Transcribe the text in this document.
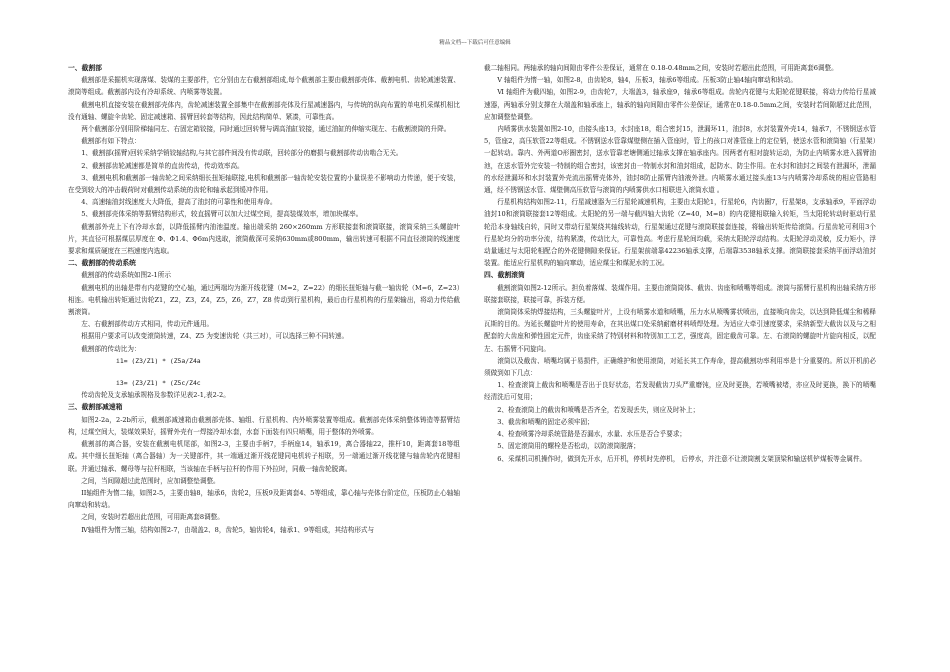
精品文档---下载后可任意编辑
一、截割部

截割部是采掘机实现落煤、装煤的主要部件，它分别由左右截割部组成,每个截割部主要由截割部壳体、截割电机、齿轮减速装置、滚筒等组成。截割部内设有冷却系统、内喷雾等装置。

截割电机直接安装在截割部壳体内，齿轮减速装置全部集中在截割部壳体及行星减速器内，与传统的纵向布置的单电机采煤机相比没有通轴、螺旋伞齿轮、固定减速箱、摇臂回转套等结构，因此结构简单、紧凑，可靠性高。

两个截割部分别用阶梯轴同左、右固定箱铰接，同时通过回转臂与调高油缸铰接，通过油缸的伸缩实现左、右截割滚筒的升降。

截割部有如下特点：

1、截割部(摇臂)回转采纳学销铰轴结构,与其它部件间没有传动联，回转部分的磨损与截割部传动齿啮合无关。

2、截割部齿轮减速都是简单的直齿传动，传动效率高。

3、截割电机和截割部一轴齿轮之间采纳细长扭矩轴联接,电机和截割部一轴齿轮安装位置的小量误差不影响动力传递，便于安装，在受到较大的冲击载荷时对截割传动系统的齿轮和轴承起到缓冲作用。

4、高速轴油封线速度大大降低，提高了油封的可靠性和使用寿命。

5、截割部壳体采纳等据臂结构形式，较直摇臂可以加大过煤空间，提高装煤效率，增加块煤率。

截割部外壳上下有冷却水套，以降低摇臂内油池温度。输出端采纳 260×260mm 方形联接套和滚筒联接，滚筒采纳三头螺旋叶片，其直径可根据煤层厚度在 Φ、Φ1.4、Φ6m内选取，滚筒截深可采纳630mm或800mm，输出转速可根据不同直径滚筒的线速度要求和煤质硬度在三档速度内选取。

二、截割部的传动系统

截割部的传动系统如图2-1所示

截割电机的出轴是带有内花键的空心轴，通过两端均为渐开线花键（M=2，Z=22）的细长扭矩轴与截一轴齿轮（M=6，Z=23）相连。电机输出转矩通过齿轮Z1，Z2，Z3，Z4，Z5，Z6，Z7，Z8 传动到行星机构，最后由行星机构的行星架输出，将动力传给截割滚筒。

左、右截割部传动方式相同，传动元件通用。

根据用户要求可以改变滚筒转速，Z4、Z5 为变速齿轮（共三对），可以选择三种不同转速。

截割部的传动比为：

i1= (Z3/Z1) * (Z5a/Z4a

i3= (Z3/Z1) * (Z5c/Z4c

传动齿轮及支承轴承规格及参数详见表2-1,表2-2。

三、截割部减速箱

如图2-2a，2-2b所示，截割部减速箱由截割部壳体、轴组、行星机构、内外喷雾装置等组成。截割部壳体采纳整体铸造等据臂结构，过煤空间大，装煤效果好，摇臂外壳有一焊接冷却水套，水套下面装有四只喷嘴，用于整体的外喷雾。

截割部的离合器，安装在截割电机尾部，如图2-3，主要由手柄7，手柄座14，轴承19，离合器轴22，推杆10，距离套18等组成。其中细长扭矩轴（离合器轴）为一关键部件，其一端通过渐开线花键同电机转子相联，另一端通过渐开线花键与轴齿轮内花键相联。并通过轴承、螺母等与拉杆相联，当该轴在手柄与拉杆的作用下外拉时，同截一轴齿轮脱离。

之间，当间隙超过此范围时，应加调整垫调整。

II轴组件为惰二轴，如图2-5，主要由轴8，轴承6，齿轮2，压板9及距离套4、5等组成，靠心轴与壳体台阶定位，压板防止心轴轴向窜动和转动。

之间，安装时若超出此范围，可用距离套8调整。

Ⅳ轴组件为惰三轴，结构如图2-7，由端盖2、8，齿轮5，轴齿轮4，轴承1、9等组成，其结构形式与

截二轴相同。两轴承的轴向间隙由零件公差保证，通常在 0.18-0.48mm之间，安装时若超出此范围，可用距离套6调整。

V 轴组件为惰一轴，如图2-8，由齿轮8，轴4，压板3，轴承6等组成。压板3防止轴4轴向窜动和转动。

Ⅵ 轴组件为截四轴，如图2-9，由齿轮7，大端盖3，轴承座9，轴承6等组成。齿轮内花键与太阳轮花键联接，将动力传给行星减速器，两轴承分别支撑在大端盖和轴承座上，轴承的轴向间隙由零件公差保证，通常在0.18-0.5mm之间，安装时若间隙超过此范围，应加调整垫调整。

内喷雾供水装置如图2-10，由接头座13，水封座18，组合密封15，泄漏环11，油封8，水封装置外壳14，轴承7，不锈钢送水管5，管座2，高压软管22等组成。不锈钢送水管靠煤壁侧在插入管座时，管上的孩口对准管座上的定位销，使送水管和滚筒轴（行星架）一起转动。靠内、外两道O形圈密封，送水管靠老塘侧通过轴承支撑在轴承座内。因两者有相对旋转运动，为防止内喷雾水进入摇臂油池，在送水管外完安装一特制的组合密封，该密封由一特制水封和油封组成，起防水、防尘作用。在水封和油封之间装有泄漏环，泄漏的水经泄漏环和水封装置外壳流出摇臂壳体外，油封8防止摇臂内油液外泄。内喷雾水通过接头座13与内喷雾冷却系统的相应管路相通，经不锈钢送水管、煤壁侧高压软管与滚筒的内喷雾供水口相联进入滚筒水道 。

行星机构结构如图2-11，行星减速器为三行星轮减速机构，主要由太阳轮1，行星轮6，内齿圈7，行星架8，支承轴承9，平面浮动油封10和滚筒联接套12等组成。太阳轮的另一端与截四轴大齿轮（Z=40，M=8）的内花键相联输入转矩，当太阳轮转动时驱动行星轮沿本身轴线自转，同时又带动行星架绕其轴线转动，行星架通过花键与滚筒联接套连接，将输出转矩传给滚筒。行星齿轮可利用3个行星轮均分的功率分流，结构紧凑，传动比大，可靠性高。考虑行星轮间均载，采纳太阳轮浮动结构。太阳轮浮动灵敏，反力矩小，浮动量通过与太阳轮相配合的外花键侧隙来保证。行星架前端靠42236轴承支撑，后端靠3538轴承支撑。滚筒联接套采纳平面浮动油封装置。能适应行星机构的轴向窜动，适应煤尘和煤泥水的工况。

四、截割滚筒

截割滚筒如图2-12所示。担负着落煤、装煤作用。主要由滚筒筒体、截齿、齿座和喷嘴等组成。滚筒与摇臂行星机构出轴采纳方形联接套联接，联接可靠，拆装方便。

滚筒筒体采纳焊接结构，三头螺旋叶片，上设有喷雾水道和喷嘴，压力水从喷嘴雾状喷出，直接喷向齿尖，以达到降低煤尘和稀释瓦斯的目的。为延长螺旋叶片的使用寿命，在其出煤口处采纳耐磨材料喷焊处理。为适应大牵引速度要求，采纳新型大截齿以及与之相配套的大齿座和弹性固定元件，齿座采纳了特别材料和特别加工工艺，强度高，固定截齿可靠。左、右滚筒的螺旋叶片旋向相反，以配左、右摇臂不同旋向。

滚筒以及截齿、喷嘴均属于易损件，正确维护和使用滚筒，对延长其工作寿命，提高截割功率利用率是十分重要的。所以开机前必须做到如下几点：

1、检查滚筒上截齿和喷嘴是否出于良好状态，若发现截齿刀头严重磨钝，应及时更换，若喷嘴被堵，亦应及时更换，换下的喷嘴经清洗后可复用；

2、检查滚筒上的截齿和喷嘴是否齐全，若发现丢失，则应及时补上；

3、截齿和喷嘴的固定必须牢固；

4、检查喷雾冷却系统管路是否漏水，水量、水压是否合乎要求；

5、固定滚筒用的螺栓是否松动，以防滚筒脱落；

6、采煤机司机操作时，做到先开水，后开机，停机时先停机， 后停水，并注意不让滚筒割支架顶梁和输送机铲煤板等金属件。
